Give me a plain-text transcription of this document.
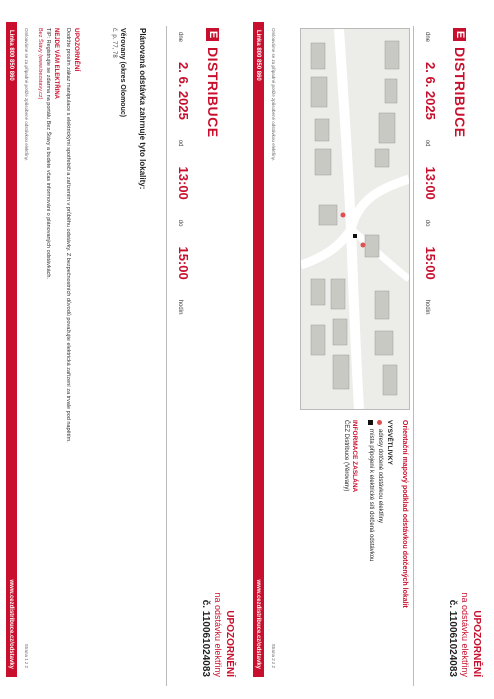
E
DISTRIBUCE
UPOZORNĚNÍ
na odstávku elektřiny
č. 110061024083
dne
2. 6. 2025
od
13:00
do
15:00
hodin
Plánovaná odstávka zahrnuje tyto lokality:
Věrovany (okres Olomouc)
č. p. 77, 78
UPOZORNĚNÍ
Dodržte prosím zákaz manipulace s elektrickými spotřebiči a zařízením v průběhu odstávky. Z bezpečnostních důvodů považujte elektrická zařízení za trvale pod napětím.
NEJDE VÁM ELEKTŘINA
TIP: Registrujte se zdarma na portálu Bez Štávy a budete včas informováni o plánovaných odstávkách.
Bez Štávy (www.bezstavy.cz)
Omlouváme se za případné potíže způsobené odstávkou elektřiny.
Strana 1 z 2
Linka 800 850 860
www.cezdistribuce.cz/odstavky
E
DISTRIBUCE
UPOZORNĚNÍ
na odstávku elektřiny
č. 110061024083
dne
2. 6. 2025
od
13:00
do
15:00
hodin
Orientační mapový podklad odstávkou dotčených lokalit
VYSVĚTLIVKY
adresy dotčené odstávkou elektřiny
místa připojení k elektrické síti dotčená odstávkou
INFORMACE ZASLÁNA
ČEZ Distribuce (Věrovany)
Omlouváme se za případné potíže způsobené odstávkou elektřiny.
Strana 2 z 2
Linka 800 850 860
www.cezdistribuce.cz/odstavky
